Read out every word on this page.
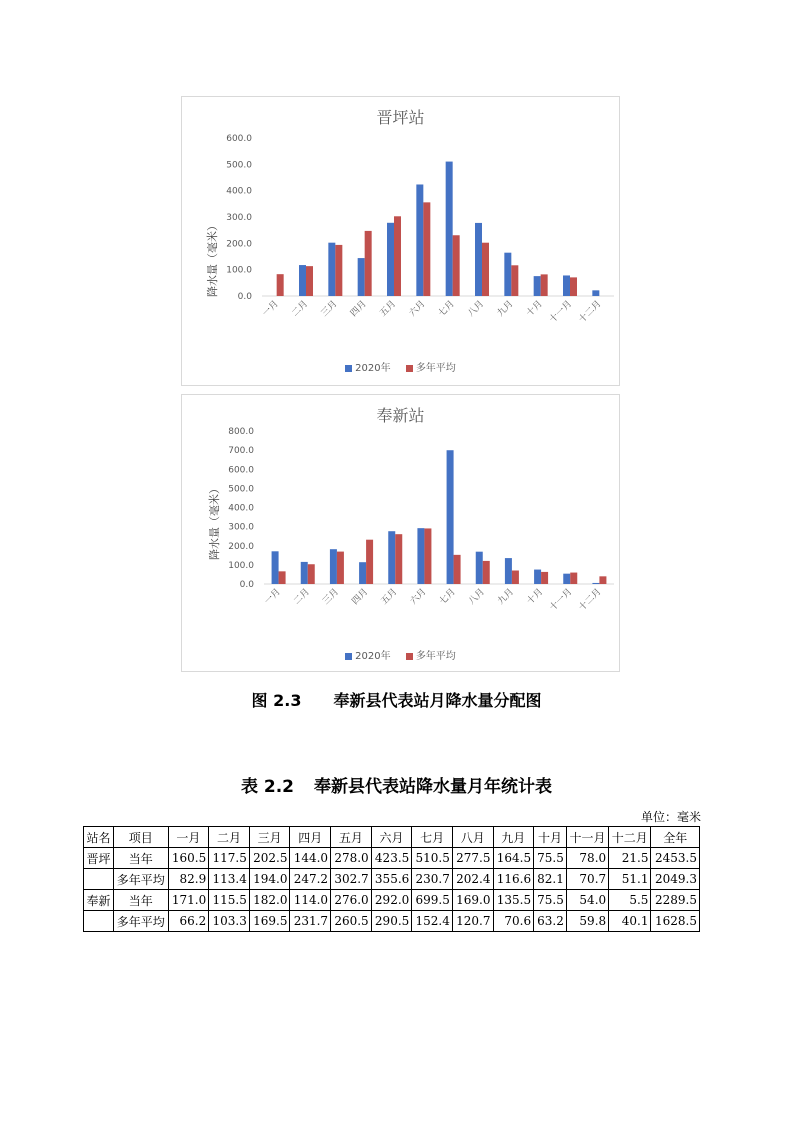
晋坪站
降水量（毫米） 0.0
100.0
200.0
300.0
400.0
500.0
600.0
一月 二月 三月 四月 五月 六月 七月 八月 九月 十月 十一月 十二月
2020年	多年平均
奉新站
降水量（毫米）
0.0
100.0
200.0
300.0
400.0
500.0
600.0
700.0
800.0
一月 二月 三月 四月 五月 六月 七月 八月 九月 十月 十一月 十二月
2020年	多年平均
图 2.3 奉新县代表站月降水量分配图
表 2.2 奉新县代表站降水量月年统计表
单位：毫米
站名	项目	一月	二月	三月	四月	五月	六月	七月	八月	九月	十月	十一月	十二月	全年
晋坪	当年	160.5	117.5	202.5	144.0	278.0	423.5	510.5	277.5	164.5	75.5	78.0	21.5	2453.5
	多年平均	82.9	113.4	194.0	247.2	302.7	355.6	230.7	202.4	116.6	82.1	70.7	51.1	2049.3
奉新	当年	171.0	115.5	182.0	114.0	276.0	292.0	699.5	169.0	135.5	75.5	54.0	5.5	2289.5
	多年平均	66.2	103.3	169.5	231.7	260.5	290.5	152.4	120.7	70.6	63.2	59.8	40.1	1628.5
